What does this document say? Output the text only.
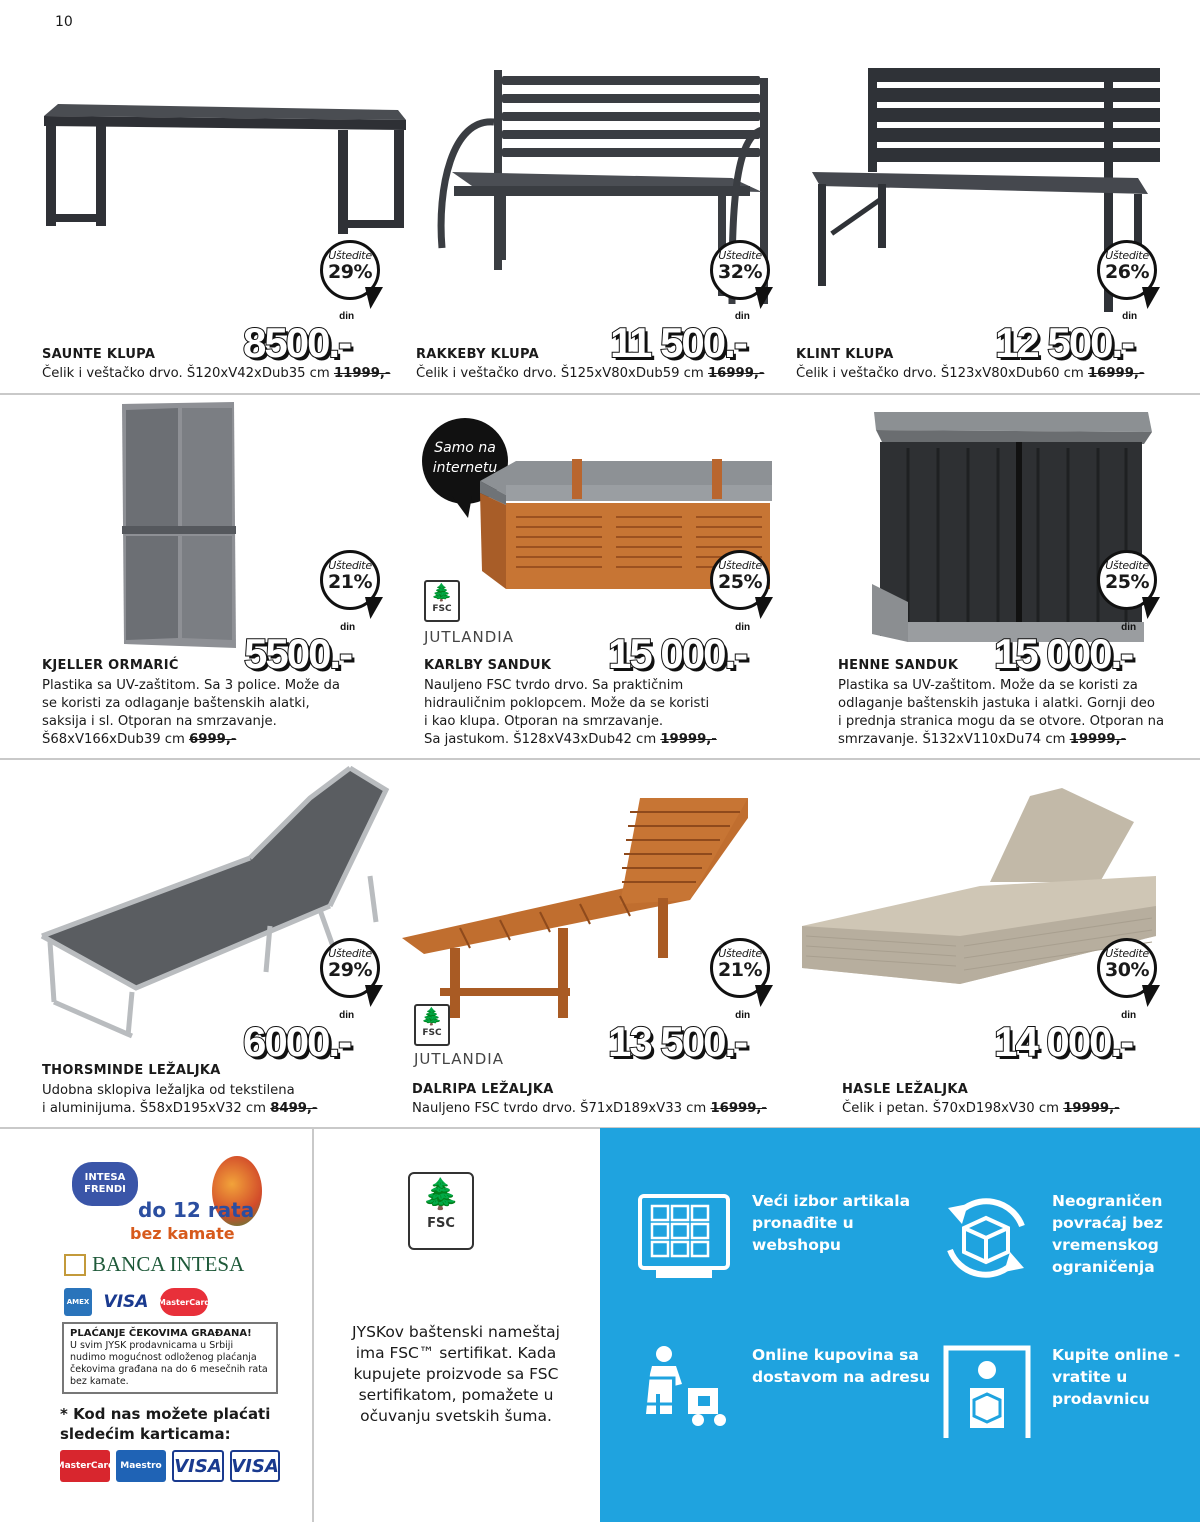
10
Uštedite
29%
8500.-
din
SAUNTE KLUPA
Čelik i veštačko drvo. Š120xV42xDub35 cm 11999,-
Uštedite
32%
11 500.-
din
RAKKEBY KLUPA
Čelik i veštačko drvo. Š125xV80xDub59 cm 16999,-
Uštedite
26%
12 500.-
din
KLINT KLUPA
Čelik i veštačko drvo. Š123xV80xDub60 cm 16999,-
Uštedite
21%
5500.-
din
KJELLER ORMARIĆ
Plastika sa UV-zaštitom. Sa 3 police. Može da
se koristi za odlaganje baštenskih alatki,
saksija i sl. Otporan na smrzavanje.
Š68xV166xDub39 cm 6999,-
Samo na
internetu
🌲
FSC
JUTLANDIA
Uštedite
25%
15 000.-
din
KARLBY SANDUK
Nauljeno FSC tvrdo drvo. Sa praktičnim
hidrauličnim poklopcem. Može da se koristi
i kao klupa. Otporan na smrzavanje.
Sa jastukom. Š128xV43xDub42 cm 19999,-
Uštedite
25%
15 000.-
din
HENNE SANDUK
Plastika sa UV-zaštitom. Može da se koristi za
odlaganje baštenskih jastuka i alatki. Gornji deo
i prednja stranica mogu da se otvore. Otporan na
smrzavanje. Š132xV110xDu74 cm 19999,-
Uštedite
29%
6000.-
din
THORSMINDE LEŽALJKA
Udobna sklopiva ležaljka od tekstilena
i aluminijuma. Š58xD195xV32 cm 8499,-
🌲
FSC
JUTLANDIA
Uštedite
21%
13 500.-
din
DALRIPA LEŽALJKA
Nauljeno FSC tvrdo drvo. Š71xD189xV33 cm 16999,-
Uštedite
30%
14 000.-
din
HASLE LEŽALJKA
Čelik i petan. Š70xD198xV30 cm 19999,-
INTESA FRENDI
do 12 rata
bez kamate
BANCA INTESA
AMEX VISA	MasterCard
PLAĆANJE ČEKOVIMA GRAĐANA!
U svim JYSK prodavnicama u Srbiji nudimo mogućnost odloženog plaćanja čekovima građana na do 6 mesečnih rata bez kamate.
* Kod nas možete plaćati sledećim karticama:
MasterCard Maestro VISA VISA
🌲
FSC
JYSKov baštenski nameštaj ima FSC™ sertifikat. Kada kupujete proizvode sa FSC sertifikatom, pomažete u očuvanju svetskih šuma.
Veći izbor artikala pronađite u webshopu
Neograničen povraćaj bez vremenskog ograničenja
Online kupovina sa dostavom na adresu
Kupite online - vratite u prodavnicu
